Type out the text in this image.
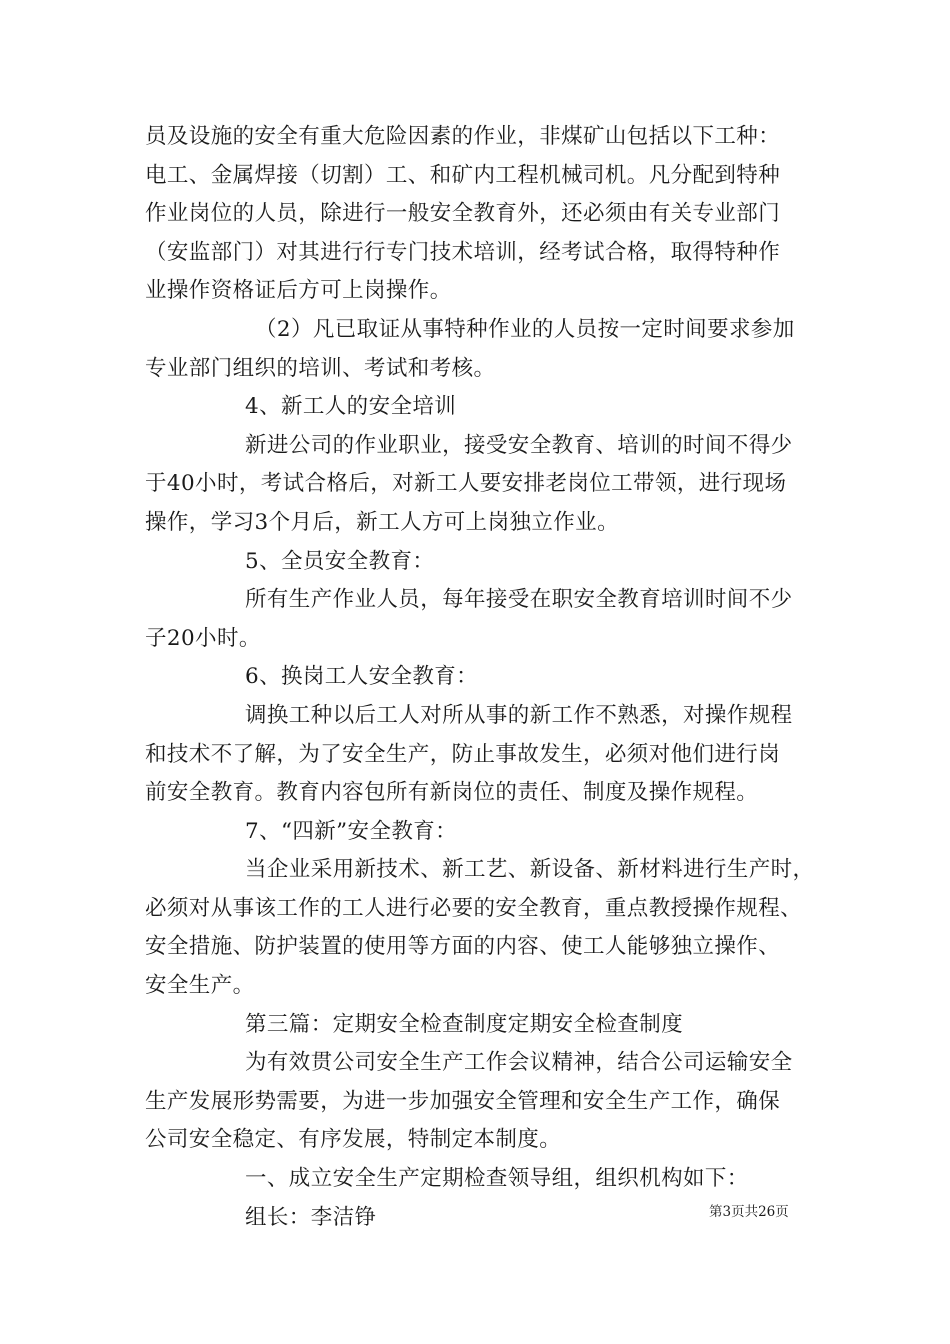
员及设施的安全有重大危险因素的作业，非煤矿山包括以下工种：
电工、金属焊接（切割）工、和矿内工程机械司机。凡分配到特种
作业岗位的人员，除进行一般安全教育外，还必须由有关专业部门
（安监部门）对其进行行专门技术培训，经考试合格，取得特种作
业操作资格证后方可上岗操作。
（2）凡已取证从事特种作业的人员按一定时间要求参加
专业部门组织的培训、考试和考核。
4、新工人的安全培训
新进公司的作业职业，接受安全教育、培训的时间不得少
于40小时，考试合格后，对新工人要安排老岗位工带领，进行现场
操作，学习3个月后，新工人方可上岗独立作业。
5、全员安全教育：
所有生产作业人员，每年接受在职安全教育培训时间不少
子20小时。
6、换岗工人安全教育：
调换工种以后工人对所从事的新工作不熟悉，对操作规程
和技术不了解，为了安全生产，防止事故发生，必须对他们进行岗
前安全教育。教育内容包所有新岗位的责任、制度及操作规程。
7、“四新”安全教育：
当企业采用新技术、新工艺、新设备、新材料进行生产时，
必须对从事该工作的工人进行必要的安全教育，重点教授操作规程、
安全措施、防护装置的使用等方面的内容、使工人能够独立操作、
安全生产。
第三篇：定期安全检查制度定期安全检查制度
为有效贯公司安全生产工作会议精神，结合公司运输安全
生产发展形势需要，为进一步加强安全管理和安全生产工作，确保
公司安全稳定、有序发展，特制定本制度。
一、成立安全生产定期检查领导组，组织机构如下：
组长：李洁铮	第3页共26页
